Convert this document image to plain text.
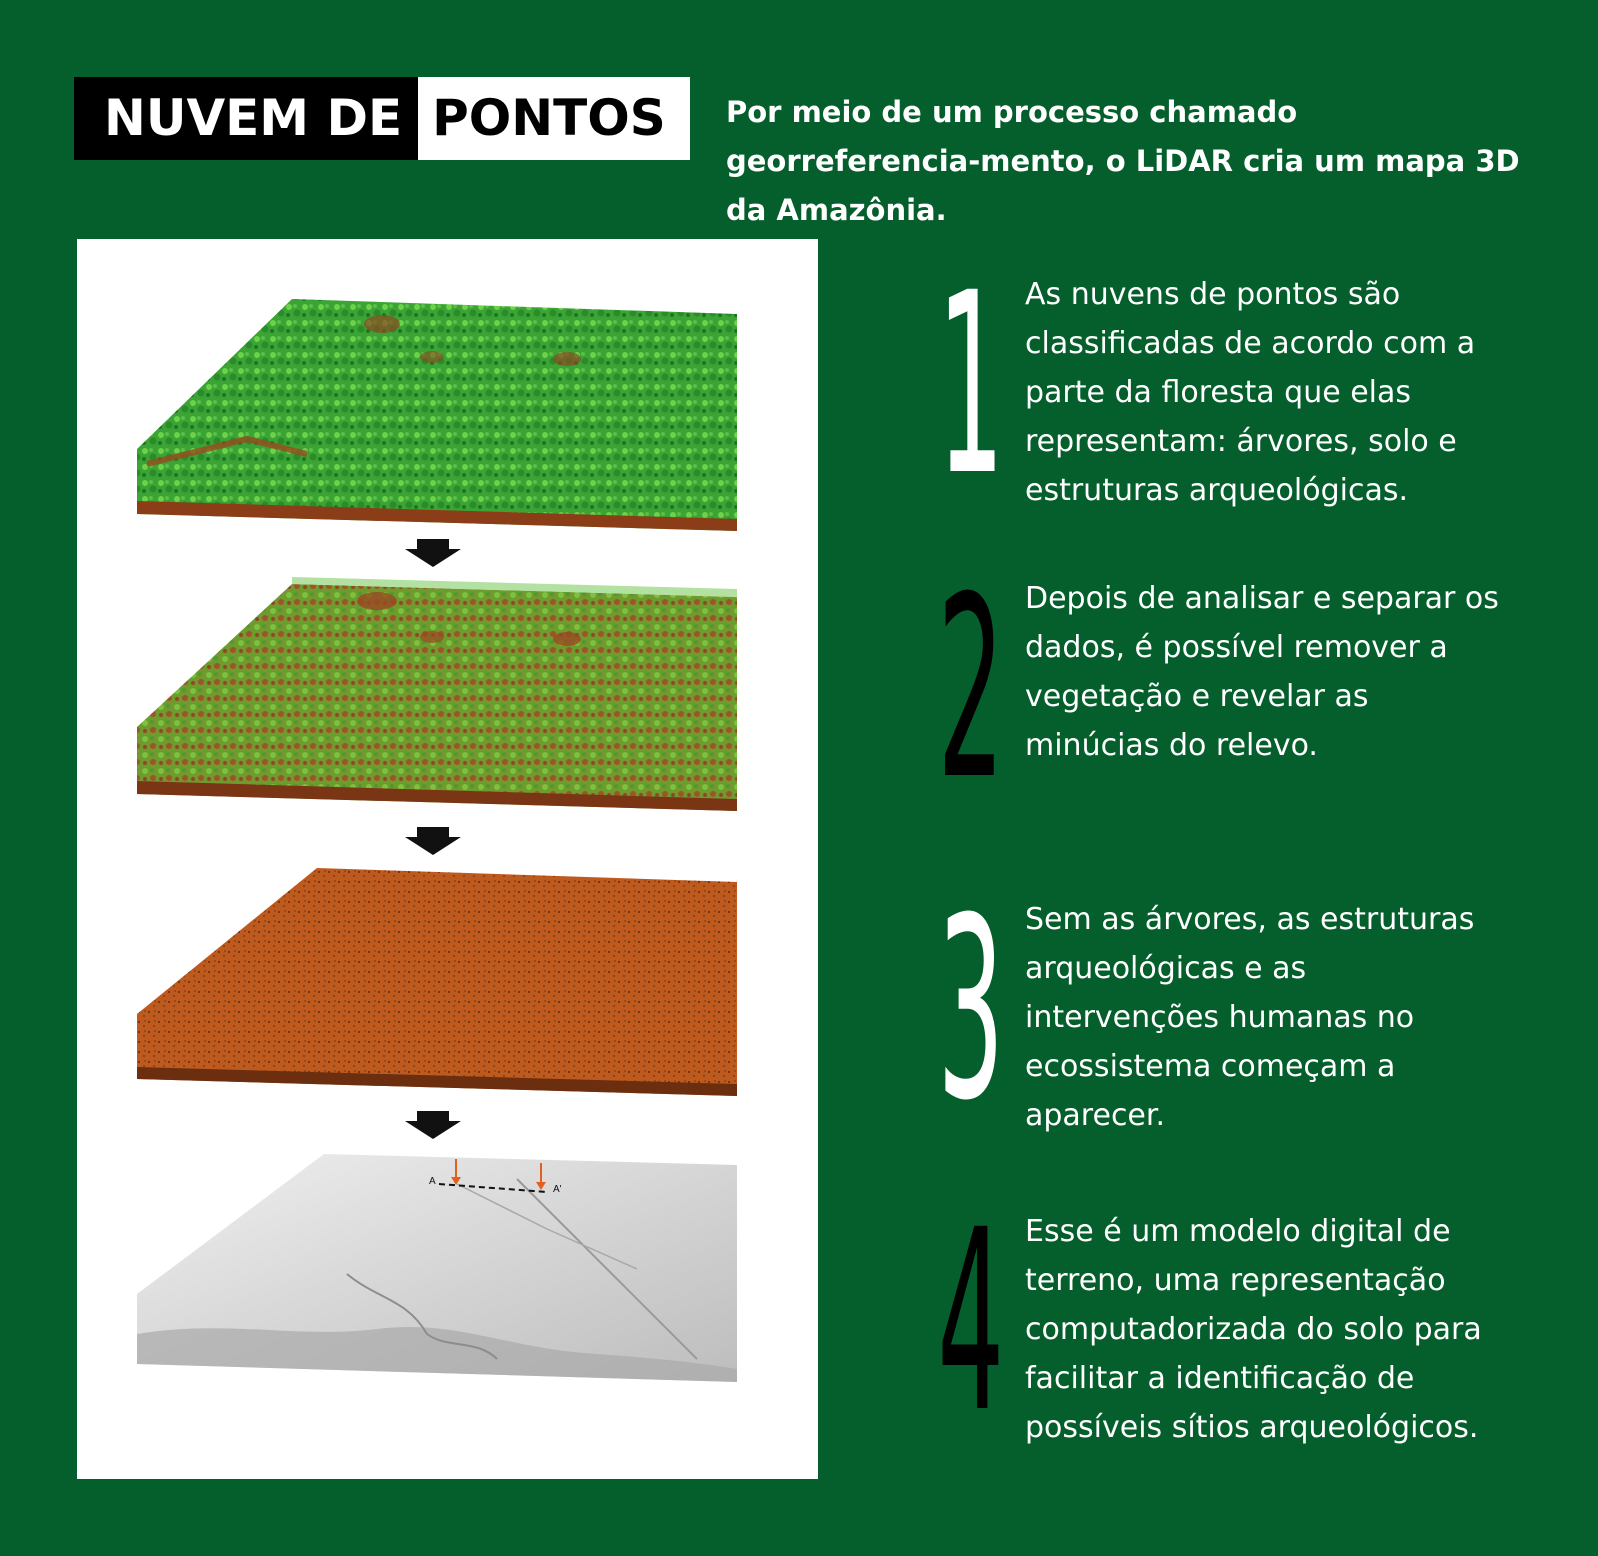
NUVEM DE PONTOS	Por meio de um processo chamado georreferencia-mento, o LiDAR cria um mapa 3D da Amazônia.
A
A'
1 As nuvens de pontos são classificadas de acordo com a parte da floresta que elas representam: árvores, solo e estruturas arqueológicas.
2 Depois de analisar e separar os dados, é possível remover a vegetação e revelar as minúcias do relevo.
3 Sem as árvores, as estruturas arqueológicas e as intervenções humanas no ecossistema começam a aparecer.
4 Esse é um modelo digital de terreno, uma representação computadorizada do solo para facilitar a identificação de possíveis sítios arqueológicos.
